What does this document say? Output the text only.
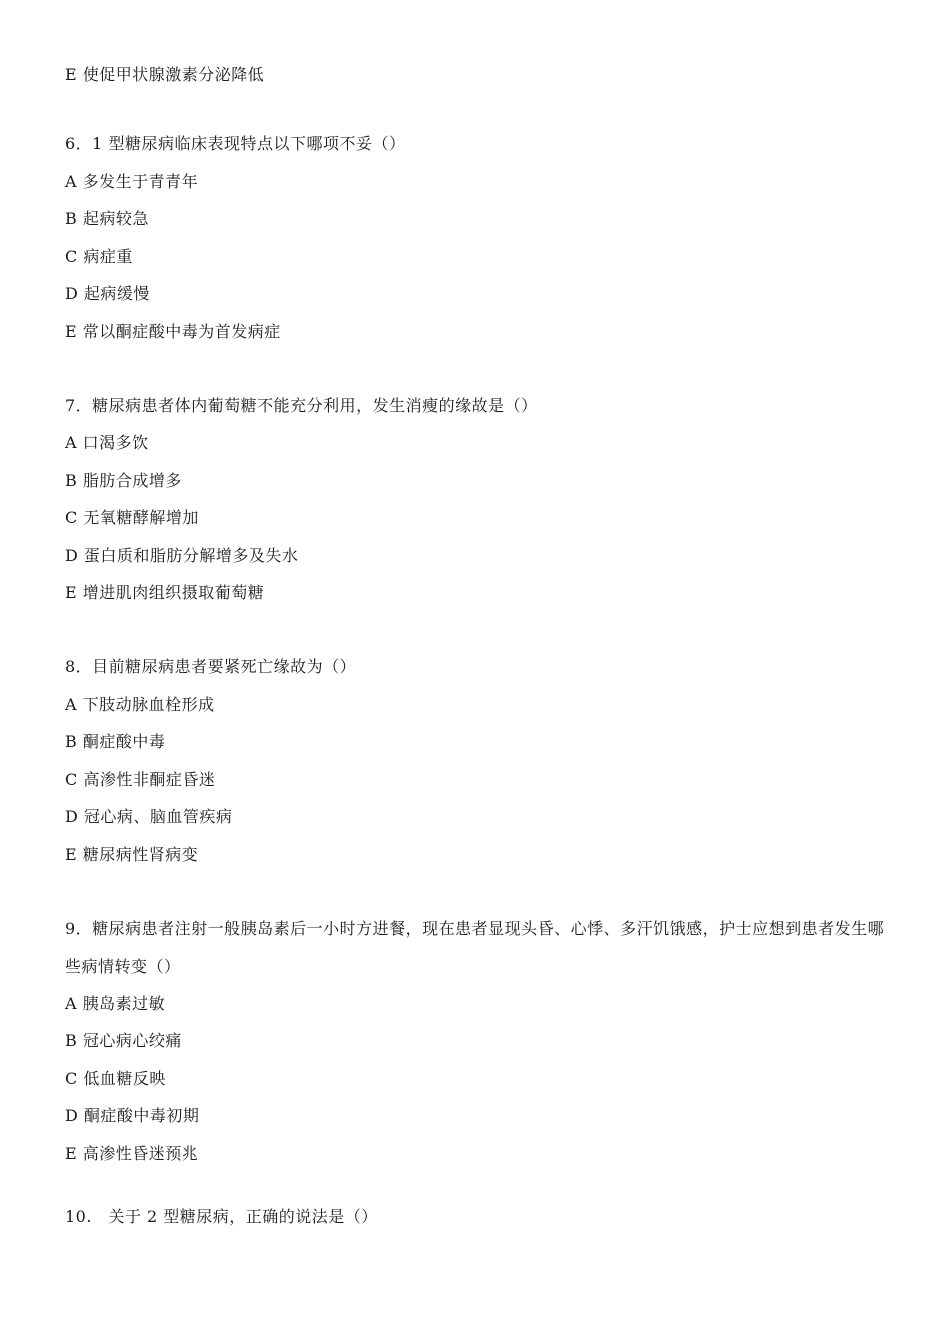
E 使促甲状腺激素分泌降低
6．1 型糖尿病临床表现特点以下哪项不妥（）
A 多发生于青青年
B 起病较急
C 病症重
D 起病缓慢
E 常以酮症酸中毒为首发病症
7．糖尿病患者体内葡萄糖不能充分利用，发生消瘦的缘故是（）
A 口渴多饮
B 脂肪合成增多
C 无氧糖酵解增加
D 蛋白质和脂肪分解增多及失水
E 增进肌肉组织摄取葡萄糖
8．目前糖尿病患者要紧死亡缘故为（）
A 下肢动脉血栓形成
B 酮症酸中毒
C 高渗性非酮症昏迷
D 冠心病、脑血管疾病
E 糖尿病性肾病变
9．糖尿病患者注射一般胰岛素后一小时方进餐，现在患者显现头昏、心悸、多汗饥饿感，护士应想到患者发生哪些病情转变（）
A 胰岛素过敏
B 冠心病心绞痛
C 低血糖反映
D 酮症酸中毒初期
E 高渗性昏迷预兆
10.　关于 2 型糖尿病，正确的说法是（）
